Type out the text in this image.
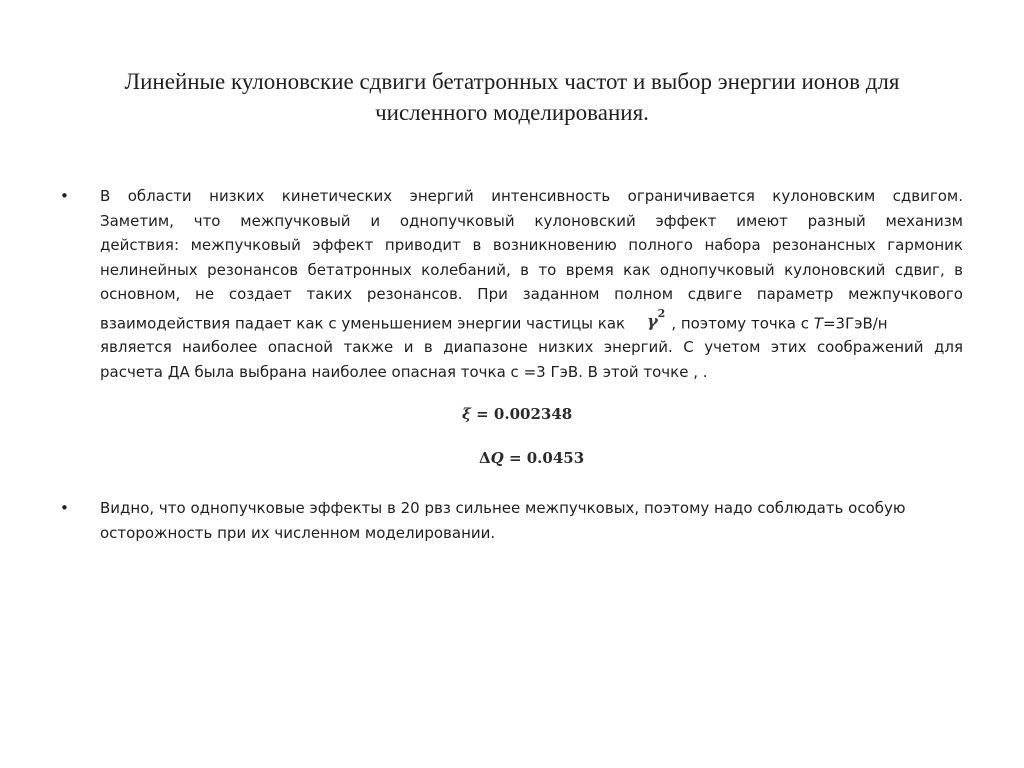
Линейные кулоновские сдвиги бетатронных частот и выбор энергии ионов для
численного моделирования.
• В области низких кинетических энергий интенсивность ограничивается кулоновским сдвигом.
Заметим, что межпучковый и однопучковый кулоновский эффект имеют разный механизм
действия: межпучковый эффект приводит в возникновению полного набора резонансных гармоник
нелинейных резонансов бетатронных колебаний, в то время как однопучковый кулоновский сдвиг, в
основном, не создает таких резонансов. При заданном полном сдвиге параметр межпучкового
взаимодействия падает как с уменьшением энергии частицы как $\gamma^2$, поэтому точка с T=3ГэВ/н
является наиболее опасной также и в диапазоне низких энергий. С учетом этих соображений для
расчета ДА была выбрана наиболее опасная точка с =3 ГэВ. В этой точке , .
ξ = 0.002348
ΔQ = 0.0453
• Видно, что однопучковые эффекты в 20 рвз сильнее межпучковых, поэтому надо соблюдать особую
осторожность при их численном моделировании.
